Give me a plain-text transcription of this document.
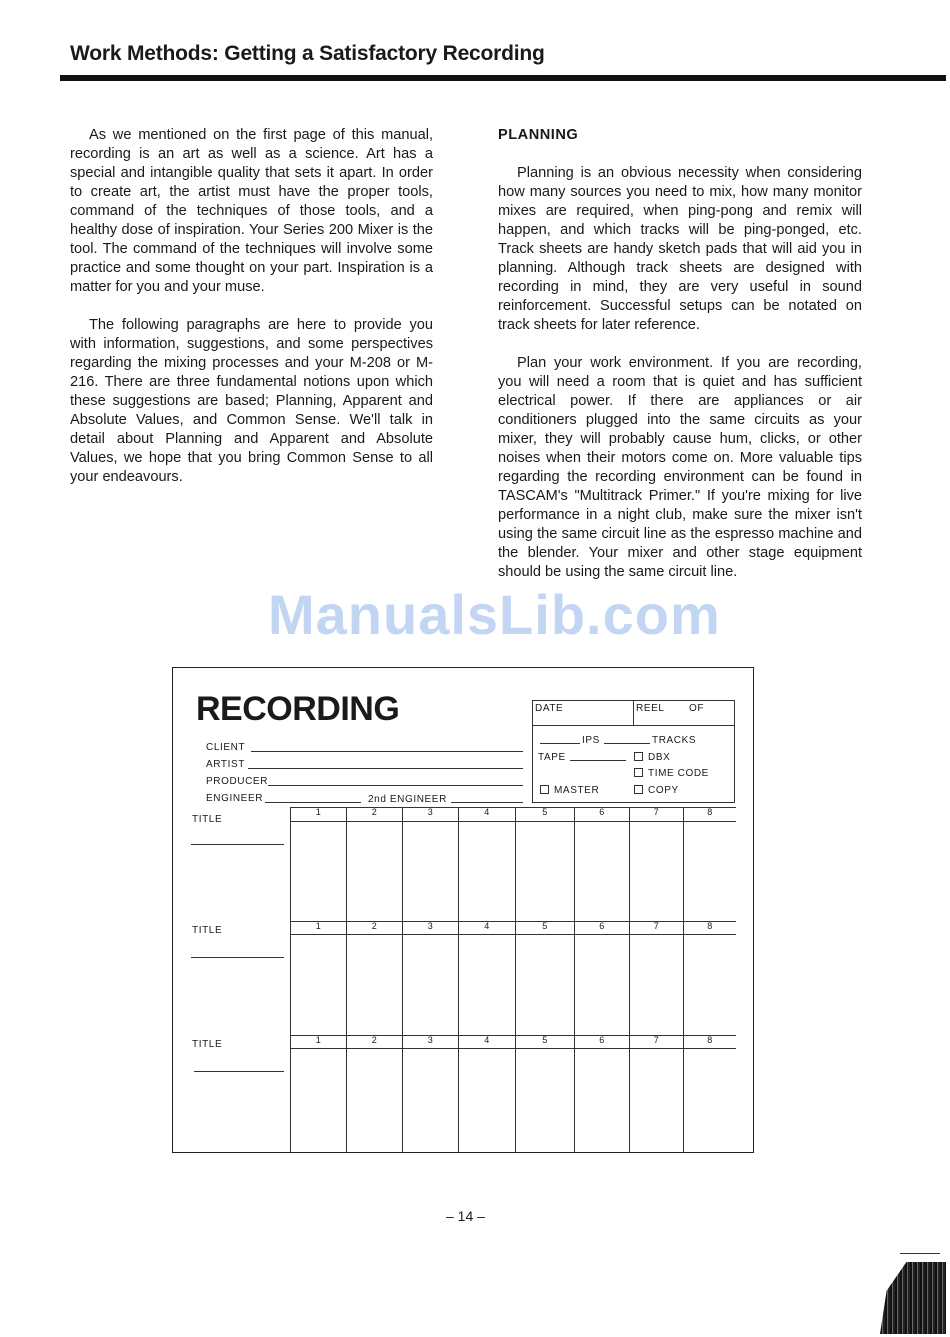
Work Methods: Getting a Satisfactory Recording

As we mentioned on the first page of this manual, recording is an art as well as a science. Art has a special and intangible quality that sets it apart. In order to create art, the artist must have the proper tools, command of the techniques of those tools, and a healthy dose of inspiration. Your Series 200 Mixer is the tool. The command of the techniques will involve some practice and some thought on your part. Inspiration is a matter for you and your muse.

The following paragraphs are here to provide you with information, suggestions, and some perspectives regarding the mixing processes and your M-208 or M-216. There are three fundamental notions upon which these suggestions are based; Planning, Apparent and Absolute Values, and Common Sense. We'll talk in detail about Planning and Apparent and Absolute Values, we hope that you bring Common Sense to all your endeavours.

PLANNING

Planning is an obvious necessity when considering how many sources you need to mix, how many monitor mixes are required, when ping-pong and remix will happen, and which tracks will be ping-ponged, etc. Track sheets are handy sketch pads that will aid you in planning. Although track sheets are designed with recording in mind, they are very useful in sound reinforcement. Successful setups can be notated on track sheets for later reference.

Plan your work environment. If you are recording, you will need a room that is quiet and has sufficient electrical power. If there are appliances or air conditioners plugged into the same circuits as your mixer, they will probably cause hum, clicks, or other noises when their motors come on. More valuable tips regarding the recording environment can be found in TASCAM's "Multitrack Primer." If you're mixing for live performance in a night club, make sure the mixer isn't using the same circuit line as the espresso machine and the blender. Your mixer and other stage equipment should be using the same circuit line.

ManualsLib.com
RECORDING
CLIENT
ARTIST
PRODUCER
ENGINEER	2nd ENGINEER
DATE	REEL OF
IPS	TRACKS
TAPE	DBX
TIME CODE
MASTER	COPY
TITLE
1	2	3	4	5	6	7	8
TITLE	1	2	3	4	5	6	7	8
TITLE	1	2	3	4	5	6	7	8
– 14 –
